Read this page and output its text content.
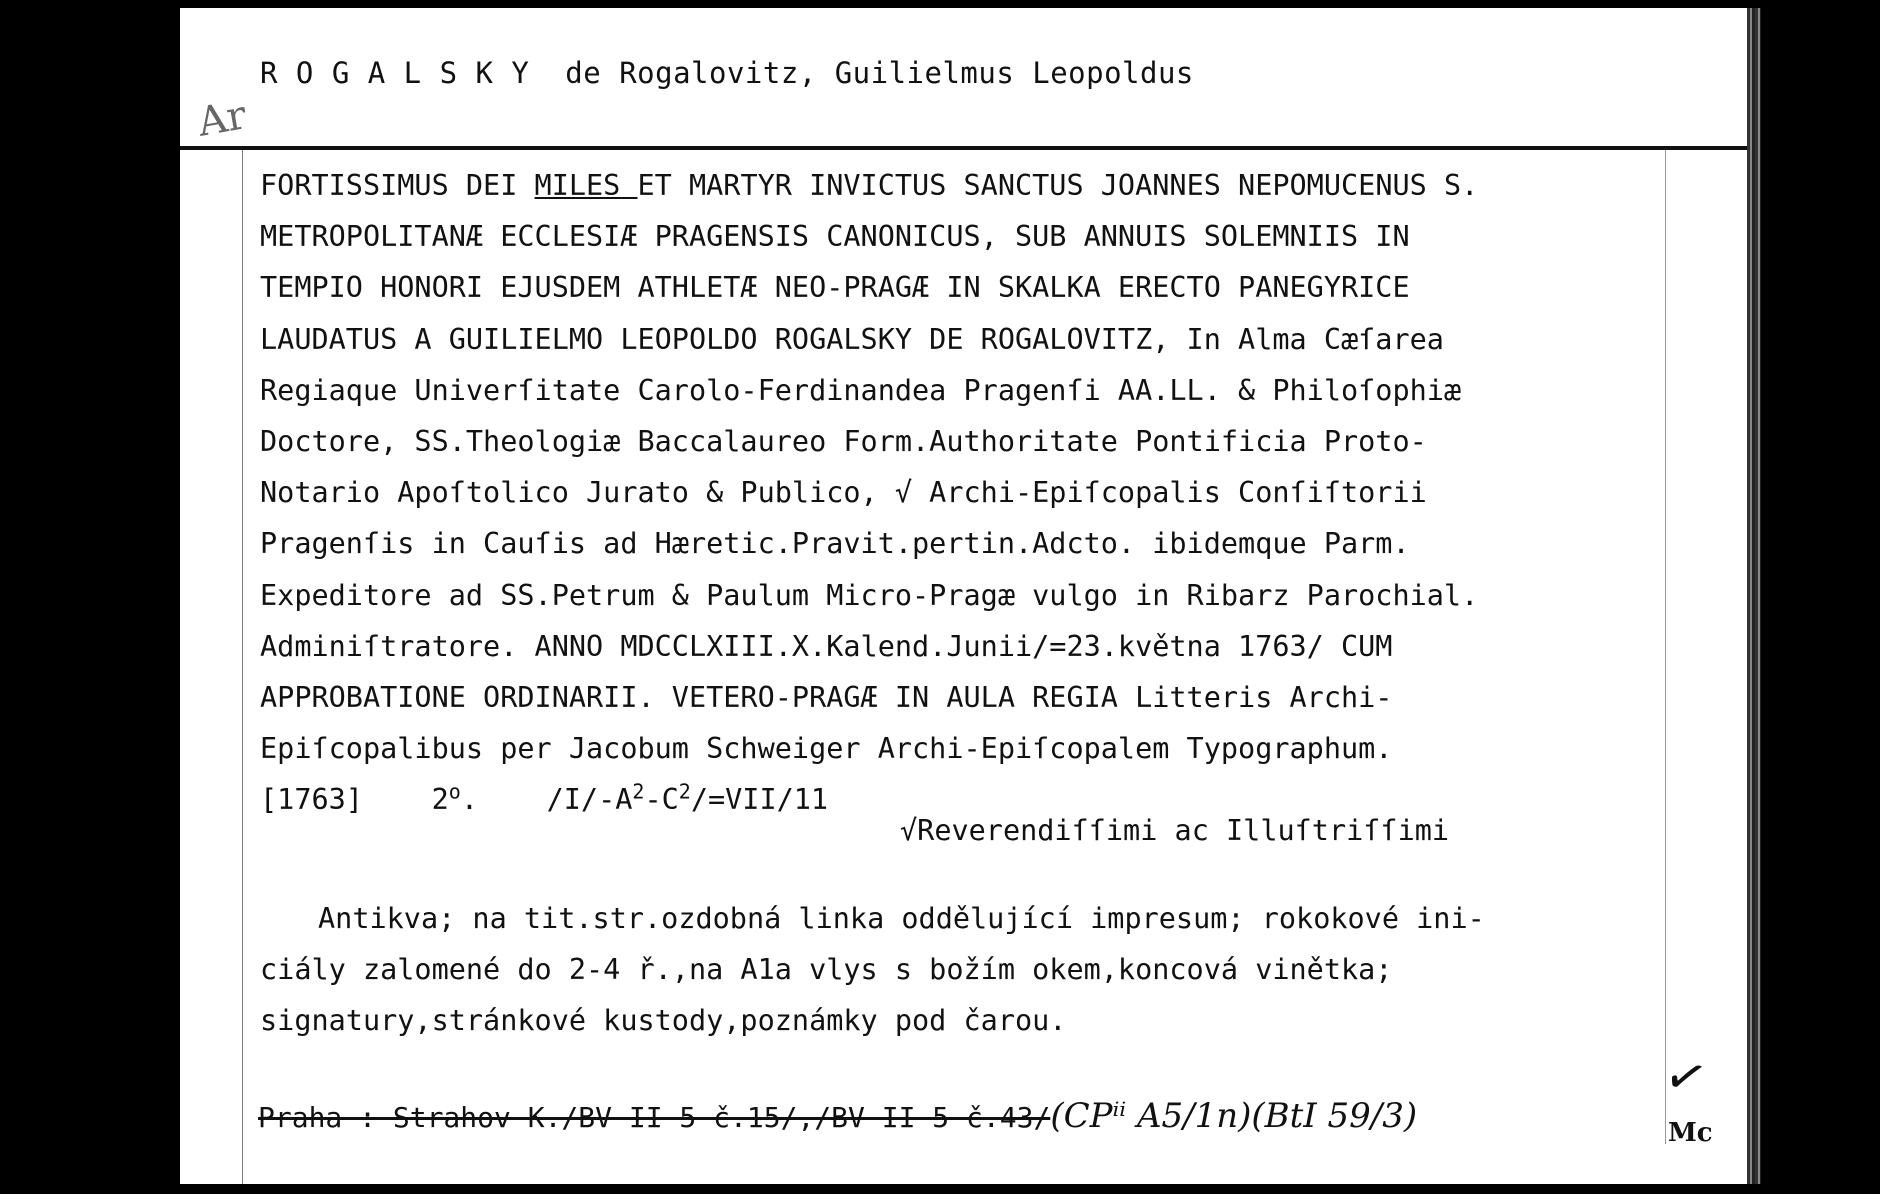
R O G A L S K Y  de Rogalovitz, Guilielmus Leopoldus
Ar
FORTISSIMUS DEI MILES ET MARTYR INVICTUS SANCTUS JOANNES NEPOMUCENUS S.
METROPOLITANÆ ECCLESIÆ PRAGENSIS CANONICUS, SUB ANNUIS SOLEMNIIS IN
TEMPIO HONORI EJUSDEM ATHLETÆ NEO-PRAGÆ IN SKALKA ERECTO PANEGYRICE
LAUDATUS A GUILIELMO LEOPOLDO ROGALSKY DE ROGALOVITZ, In Alma Cæſarea
Regiaque Univerſitate Carolo-Ferdinandea Pragenſi AA.LL. & Philoſophiæ
Doctore, SS.Theologiæ Baccalaureo Form.Authoritate Pontificia Proto-
Notario Apoſtolico Jurato & Publico, √ Archi-Epiſcopalis Conſiſtorii
Pragenſis in Cauſis ad Hæretic.Pravit.pertin.Adcto. ibidemque Parm.
Expeditore ad SS.Petrum & Paulum Micro-Pragæ vulgo in Ribarz Parochial.
Adminiſtratore. ANNO MDCCLXIII.X.Kalend.Junii/=23.května 1763/ CUM
APPROBATIONE ORDINARII. VETERO-PRAGÆ IN AULA REGIA Litteris Archi-
Epiſcopalibus per Jacobum Schweiger Archi-Epiſcopalem Typographum.
[1763] 2$^o$.    $/I/-A^2-C^2/=VII/11$
√Reverendiſſimi ac Illuſtriſſimi
Antikva; na tit.str.ozdobná linka oddělující impresum; rokokové ini-
ciály zalomené do 2-4 ř.,na A1a vlys s božím okem,koncová vinětka;
signatury,stránkové kustody,poznámky pod čarou.
Praha : Strahov K./BV II 5 č.15/,/BV II 5 č.43/(CPⁱⁱ A5/1n)(BtI 59/3)
✓
Mc
